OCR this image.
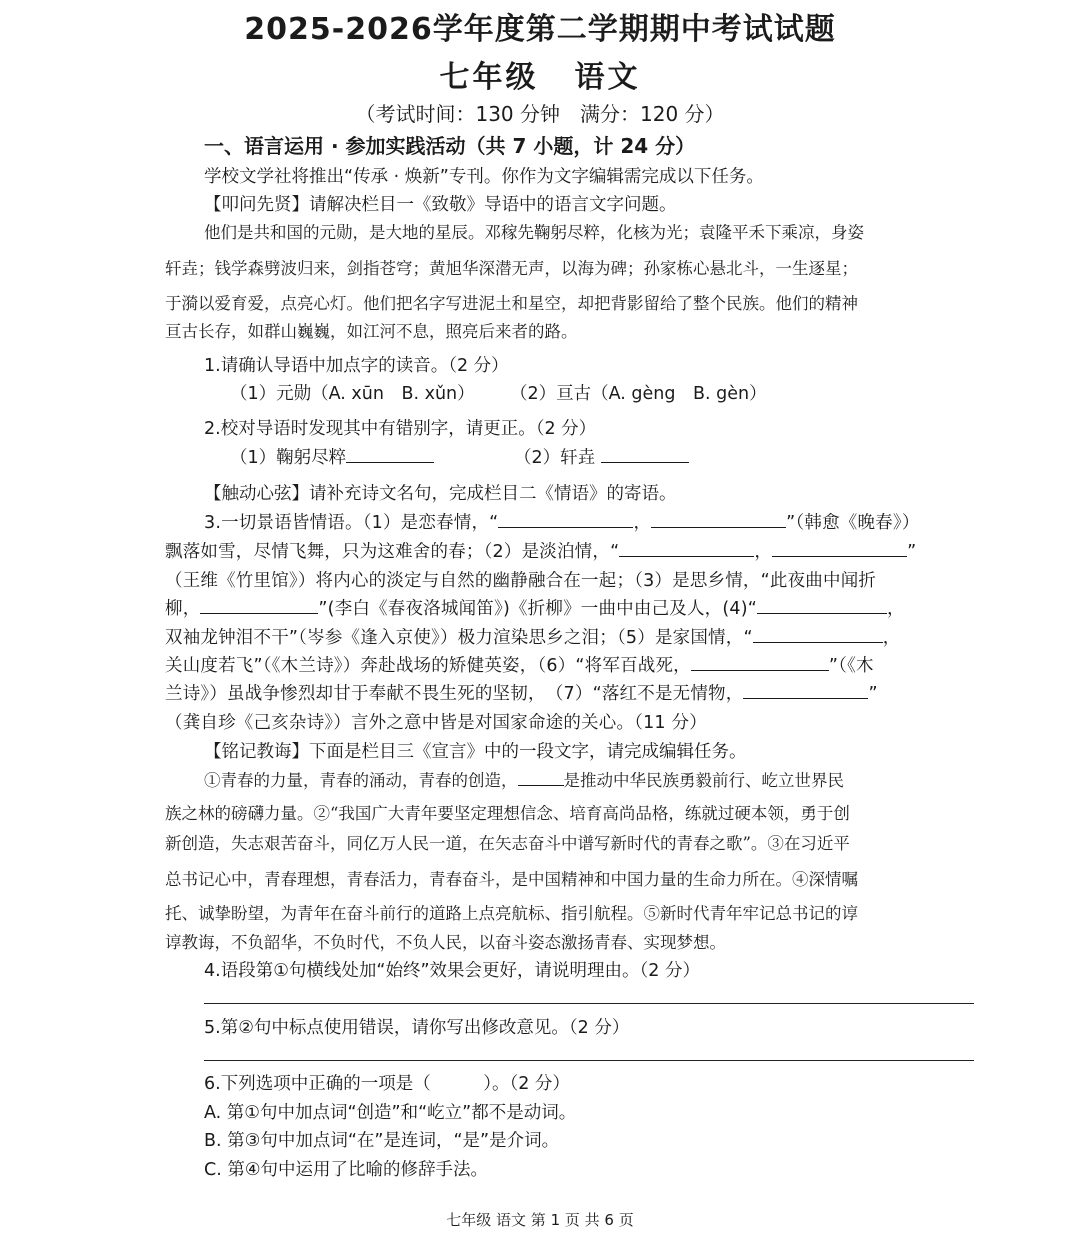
2025-2026学年度第二学期期中考试试题
七年级 语文
（考试时间：130 分钟　满分：120 分）
一、语言运用 · 参加实践活动（共 7 小题，计 24 分）
学校文学社将推出“传承 · 焕新”专刊。你作为文字编辑需完成以下任务。
【叩问先贤】请解决栏目一《致敬》导语中的语言文字问题。
他们是共和国的元勋，是大地的星辰。邓稼先鞠躬尽粹，化核为光；袁隆平禾下乘凉，身姿
轩垚；钱学森劈波归来，剑指苍穹；黄旭华深潜无声，以海为碑；孙家栋心悬北斗，一生逐星；
于漪以爱育爱，点亮心灯。他们把名字写进泥土和星空，却把背影留给了整个民族。他们的精神
亘古长存，如群山巍巍，如江河不息，照亮后来者的路。
1.请确认导语中加点字的读音。（2 分）
（1）元勋（A. xūn　B. xǔn） （2）亘古（A. gèng　B. gèn）
2.校对导语时发现其中有错别字，请更正。（2 分）
（1）鞠躬尽粹	（2）轩垚
【触动心弦】请补充诗文名句，完成栏目二《情语》的寄语。
3.一切景语皆情语。（1）是恋春情，“	，	”（韩愈《晚春》）
飘落如雪，尽情飞舞，只为这难舍的春；（2）是淡泊情，“	，	”
（王维《竹里馆》）将内心的淡定与自然的幽静融合在一起；（3）是思乡情，“此夜曲中闻折
柳，	”(李白《春夜洛城闻笛》)《折柳》一曲中由己及人，(4)“	，
双袖龙钟泪不干”（岑参《逢入京使》）极力渲染思乡之泪；（5）是家国情，“	，
关山度若飞”（《木兰诗》）奔赴战场的矫健英姿，（6）“将军百战死，	”（《木
兰诗》）虽战争惨烈却甘于奉献不畏生死的坚韧，　（7）“落红不是无情物，	”
（龚自珍《己亥杂诗》）言外之意中皆是对国家命途的关心。（11 分）
【铭记教诲】下面是栏目三《宣言》中的一段文字，请完成编辑任务。
①青春的力量，青春的涌动，青春的创造，	是推动中华民族勇毅前行、屹立世界民
族之林的磅礴力量。②“我国广大青年要坚定理想信念、培育高尚品格，练就过硬本领，勇于创
新创造，失志艰苦奋斗，同亿万人民一道，在矢志奋斗中谱写新时代的青春之歌”。③在习近平
总书记心中，青春理想，青春活力，青春奋斗，是中国精神和中国力量的生命力所在。④深情嘱
托、诚挚盼望，为青年在奋斗前行的道路上点亮航标、指引航程。⑤新时代青年牢记总书记的谆
谆教诲，不负韶华，不负时代，不负人民，以奋斗姿态激扬青春、实现梦想。
4.语段第①句横线处加“始终”效果会更好，请说明理由。（2 分）
5.第②句中标点使用错误，请你写出修改意见。（2 分）
6.下列选项中正确的一项是（　　　）。（2 分）
A. 第①句中加点词“创造”和“屹立”都不是动词。
B. 第③句中加点词“在”是连词，“是”是介词。
C. 第④句中运用了比喻的修辞手法。
七年级 语文 第 1 页 共 6 页
